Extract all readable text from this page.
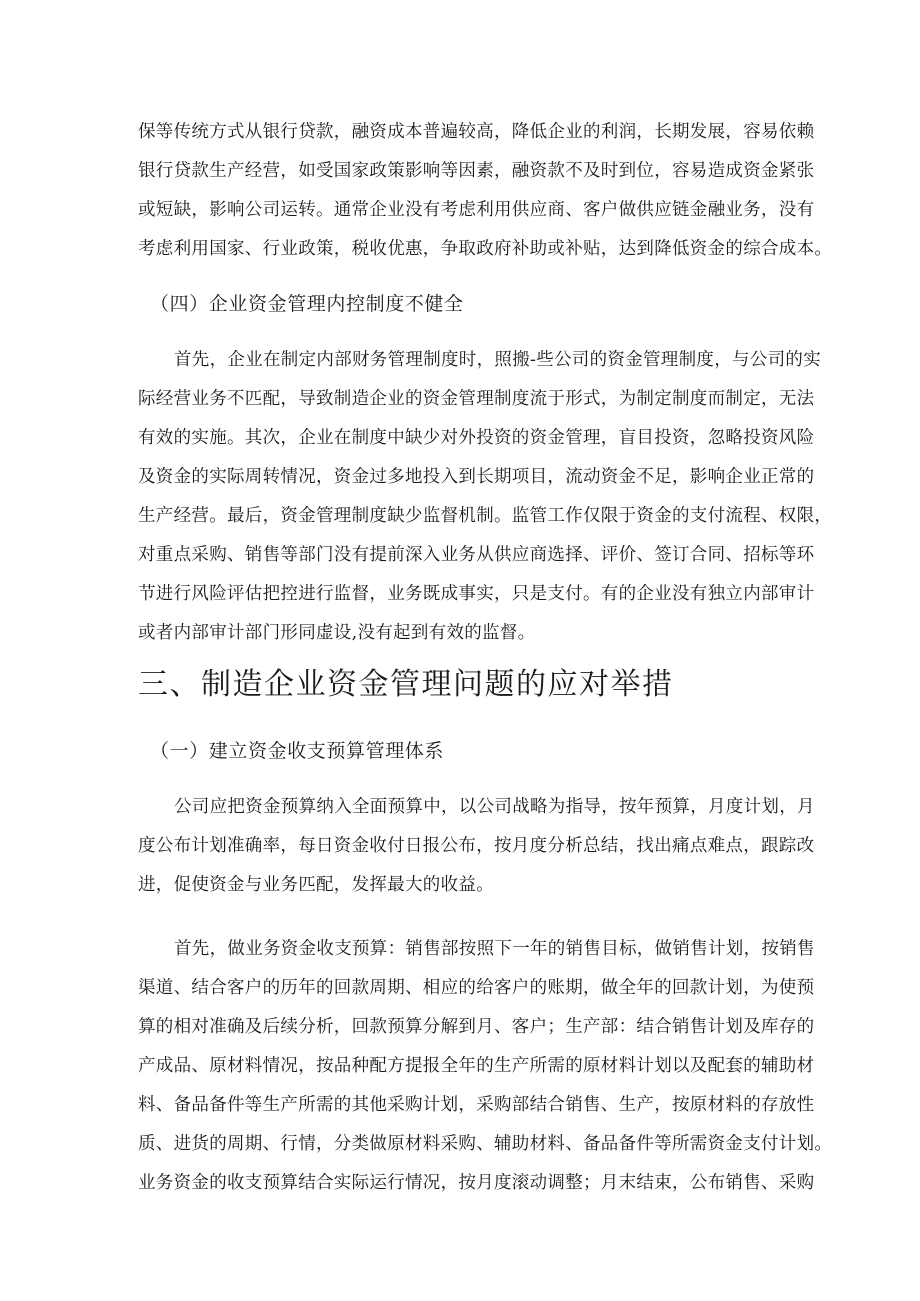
保等传统方式从银行贷款，融资成本普遍较高，降低企业的利润，长期发展，容易依赖
银行贷款生产经营，如受国家政策影响等因素，融资款不及时到位，容易造成资金紧张
或短缺，影响公司运转。通常企业没有考虑利用供应商、客户做供应链金融业务，没有
考虑利用国家、行业政策，税收优惠，争取政府补助或补贴，达到降低资金的综合成本。
（四）企业资金管理内控制度不健全
首先，企业在制定内部财务管理制度时，照搬-些公司的资金管理制度，与公司的实
际经营业务不匹配，导致制造企业的资金管理制度流于形式，为制定制度而制定，无法
有效的实施。其次，企业在制度中缺少对外投资的资金管理，盲目投资，忽略投资风险
及资金的实际周转情况，资金过多地投入到长期项目，流动资金不足，影响企业正常的
生产经营。最后，资金管理制度缺少监督机制。监管工作仅限于资金的支付流程、权限，
对重点采购、销售等部门没有提前深入业务从供应商选择、评价、签订合同、招标等环
节进行风险评估把控进行监督，业务既成事实，只是支付。有的企业没有独立内部审计
或者内部审计部门形同虚设,没有起到有效的监督。
三、制造企业资金管理问题的应对举措
（一）建立资金收支预算管理体系
公司应把资金预算纳入全面预算中，以公司战略为指导，按年预算，月度计划，月
度公布计划准确率，每日资金收付日报公布，按月度分析总结，找出痛点难点，跟踪改
进，促使资金与业务匹配，发挥最大的收益。
首先，做业务资金收支预算：销售部按照下一年的销售目标，做销售计划，按销售
渠道、结合客户的历年的回款周期、相应的给客户的账期，做全年的回款计划，为使预
算的相对准确及后续分析，回款预算分解到月、客户；生产部：结合销售计划及库存的
产成品、原材料情况，按品种配方提报全年的生产所需的原材料计划以及配套的辅助材
料、备品备件等生产所需的其他采购计划，采购部结合销售、生产，按原材料的存放性
质、进货的周期、行情，分类做原材料采购、辅助材料、备品备件等所需资金支付计划。
业务资金的收支预算结合实际运行情况，按月度滚动调整；月末结束，公布销售、采购
